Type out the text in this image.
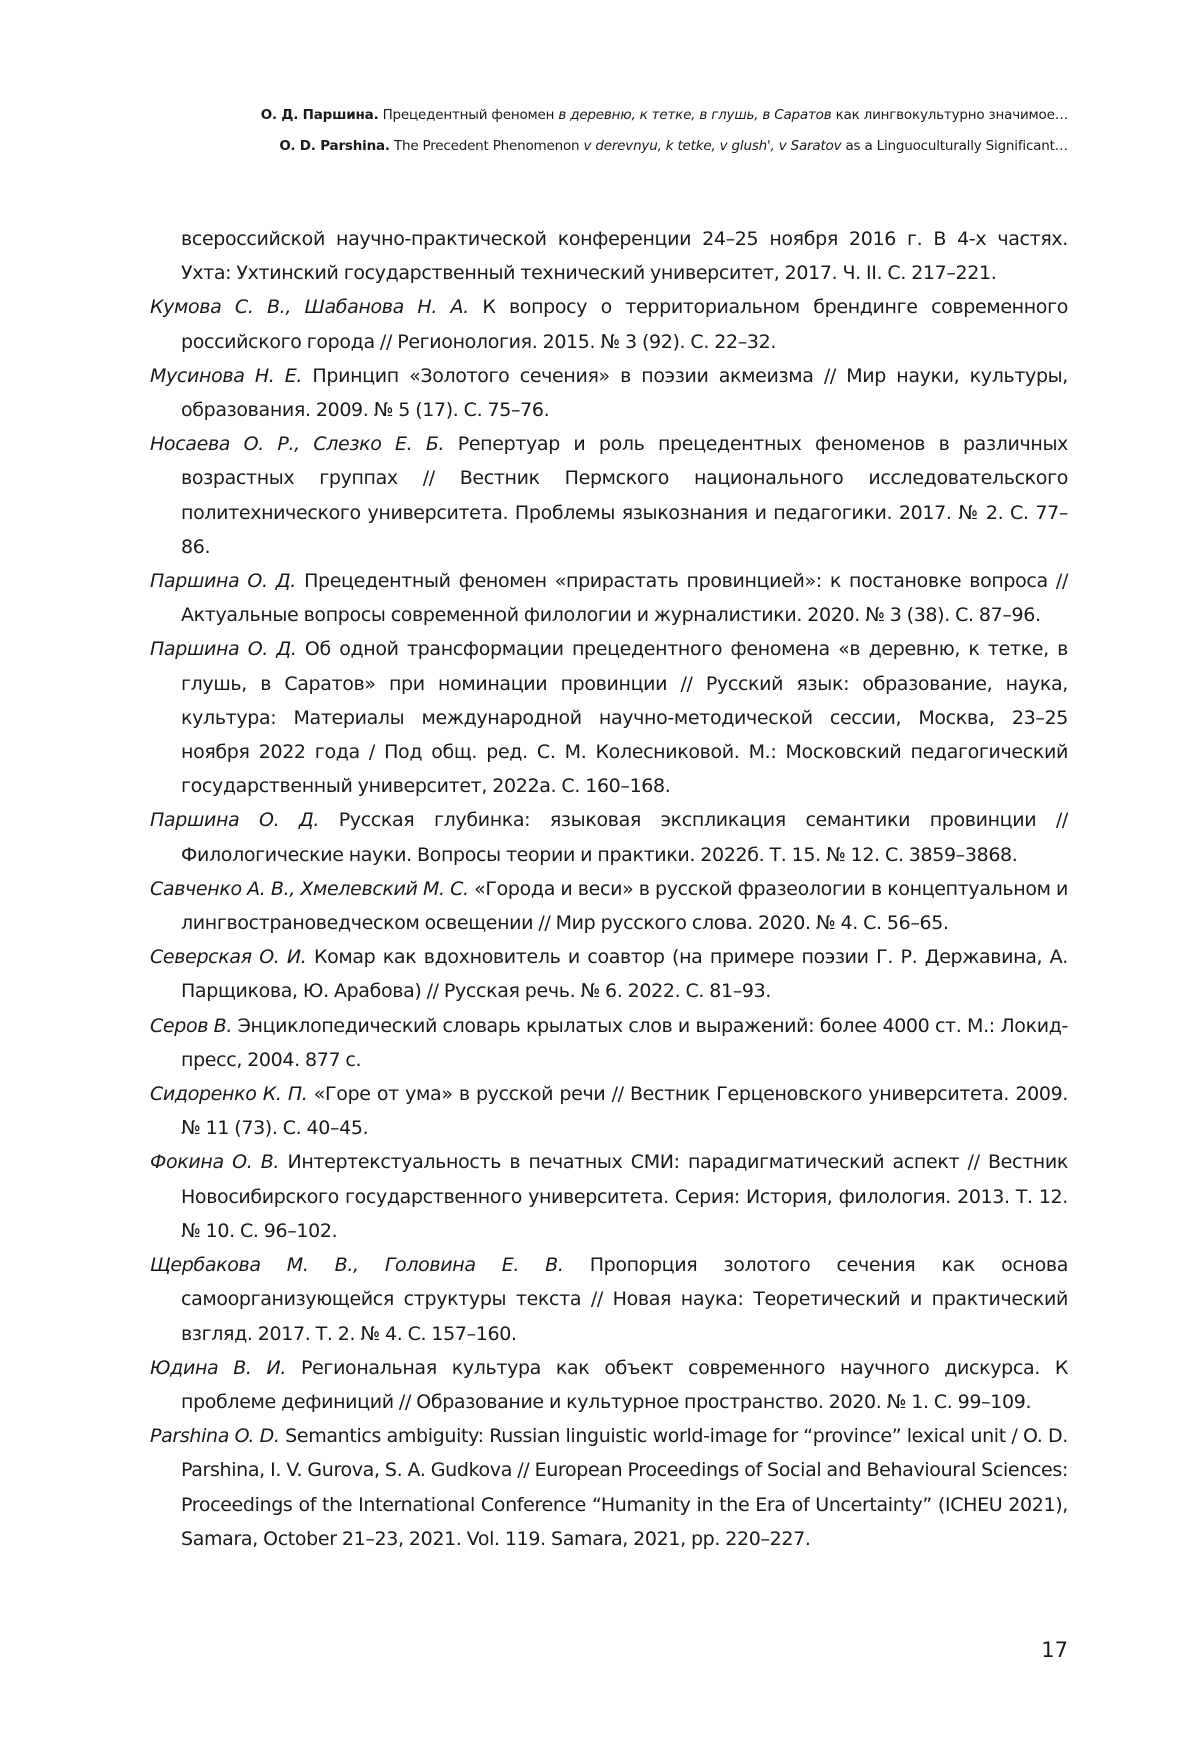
О. Д. Паршина. Прецедентный феномен в деревню, к тетке, в глушь, в Саратов как лингвокультурно значимое…
O. D. Parshina. The Precedent Phenomenon v derevnyu, k tetke, v glush', v Saratov as a Linguoculturally Significant…
всероссийской научно-практической конференции 24–25 ноября 2016 г. В 4-х частях. Ухта: Ухтинский государственный технический университет, 2017. Ч. II. С. 217–221.
Кумова С. В., Шабанова Н. А. К вопросу о территориальном брендинге современного российского города // Регионология. 2015. № 3 (92). С. 22–32.
Мусинова Н. Е. Принцип «Золотого сечения» в поэзии акмеизма // Мир науки, культуры, образования. 2009. № 5 (17). С. 75–76.
Носаева О. Р., Слезко Е. Б. Репертуар и роль прецедентных феноменов в различных возрастных группах // Вестник Пермского национального исследовательского политехнического университета. Проблемы языкознания и педагогики. 2017. № 2. С. 77–86.
Паршина О. Д. Прецедентный феномен «прирастать провинцией»: к постановке вопроса // Актуальные вопросы современной филологии и журналистики. 2020. № 3 (38). С. 87–96.
Паршина О. Д. Об одной трансформации прецедентного феномена «в деревню, к тетке, в глушь, в Саратов» при номинации провинции // Русский язык: образование, наука, культура: Материалы международной научно-методической сессии, Москва, 23–25 ноября 2022 года / Под общ. ред. С. М. Колесниковой. М.: Московский педагогический государственный университет, 2022а. С. 160–168.
Паршина О. Д. Русская глубинка: языковая экспликация семантики провинции // Филологические науки. Вопросы теории и практики. 2022б. Т. 15. № 12. С. 3859–3868.
Савченко А. В., Хмелевский М. С. «Города и веси» в русской фразеологии в концептуальном и лингвострановедческом освещении // Мир русского слова. 2020. № 4. С. 56–65.
Северская О. И. Комар как вдохновитель и соавтор (на примере поэзии Г. Р. Державина, А. Парщикова, Ю. Арабова) // Русская речь. № 6. 2022. С. 81–93.
Серов В. Энциклопедический словарь крылатых слов и выражений: более 4000 ст. М.: Локид-пресс, 2004. 877 с.
Сидоренко К. П. «Горе от ума» в русской речи // Вестник Герценовского университета. 2009. № 11 (73). С. 40–45.
Фокина О. В. Интертекстуальность в печатных СМИ: парадигматический аспект // Вестник Новосибирского государственного университета. Серия: История, филология. 2013. Т. 12. № 10. С. 96–102.
Щербакова М. В., Головина Е. В. Пропорция золотого сечения как основа самоорганизующейся структуры текста // Новая наука: Теоретический и практический взгляд. 2017. Т. 2. № 4. С. 157–160.
Юдина В. И. Региональная культура как объект современного научного дискурса. К проблеме дефиниций // Образование и культурное пространство. 2020. № 1. С. 99–109.
Parshina O. D. Semantics ambiguity: Russian linguistic world-image for “province” lexical unit / O. D. Parshina, I. V. Gurova, S. A. Gudkova // European Proceedings of Social and Behavioural Sciences: Proceedings of the International Conference “Humanity in the Era of Uncertainty” (ICHEU 2021), Samara, October 21–23, 2021. Vol. 119. Samara, 2021, pp. 220–227.
17
